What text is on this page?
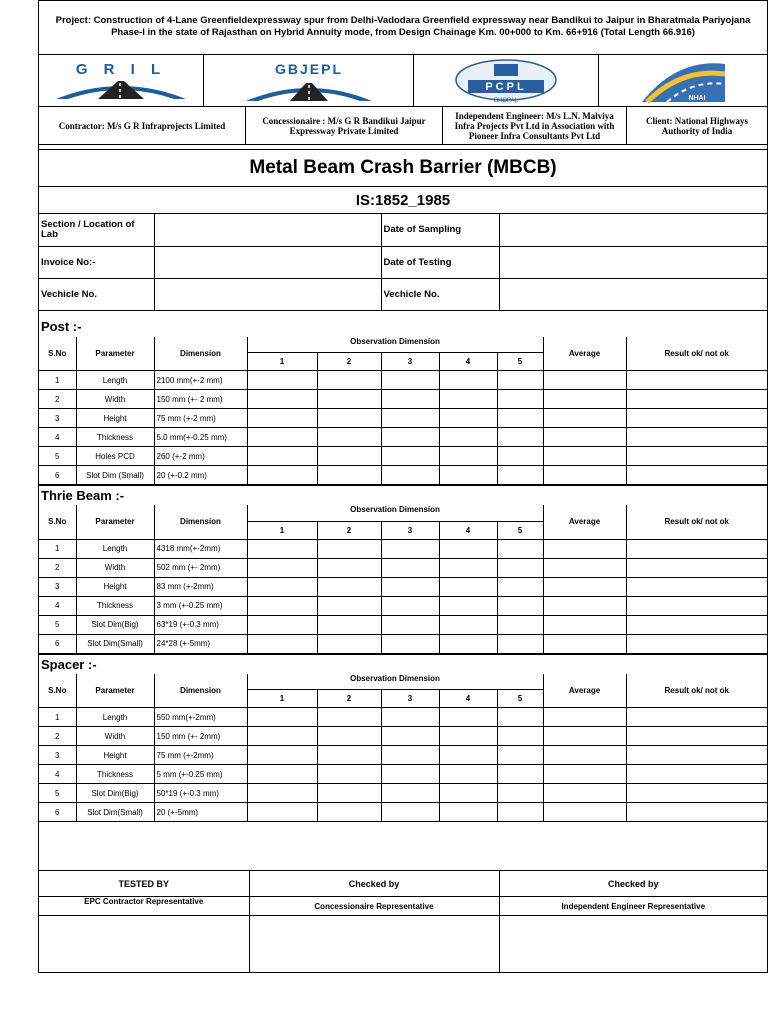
Project: Construction of 4-Lane Greenfieldexpressway spur from Delhi-Vadodara Greenfield expressway near Bandikui to Jaipur in Bharatmala Pariyojana Phase-I in the state of Rajasthan on Hybrid Annuity mode, from Design Chainage Km. 00+000 to Km. 66+916 (Total Length 66.916)
G R I L	GBJEPL
PCPL
BHOPAL	NHAI
Contractor: M/s G R Infraprojects Limited	Concessionaire : M/s G R Bandikui Jaipur Expressway Private Limited
Independent Engineer: M/s L.N. Malviya Infra Projects Pvt Ltd in Association with Pioneer Infra Consultants Pvt Ltd
Client: National Highways Authority of India
Metal Beam Crash Barrier (MBCB)
IS:1852_1985
Section / Location of Lab		Date of Sampling	
Invoice No:-		Date of Testing	
Vechicle No.		Vechicle No.	
Post :-
S.No	Parameter	Dimension	Observation Dimension					Average	Result ok/ not ok
			1	2	3	4	5		
1	Length	2100 mm(+-2 mm)							
2	Width	150 mm (+- 2 mm)							
3	Height	75 mm (+-2 mm)							
4	Thickness	5.0 mm(+-0.25 mm)							
5	Holes PCD	260 (+-2 mm)							
6	Slot Dim (Small)	20 (+-0.2 mm)							
Thrie Beam :-
S.No	Parameter	Dimension	Observation Dimension					Average	Result ok/ not ok
			1	2	3	4	5		
1	Length	4318 mm(+-2mm)							
2	Width	502 mm (+- 2mm)							
3	Height	83 mm (+-2mm)							
4	Thickness	3 mm (+-0.25 mm)							
5	Slot Dim(Big)	63*19 (+-0.3 mm)							
6	Slot Dim(Small)	24*28 (+-5mm)							
Spacer :-
S.No	Parameter	Dimension	Observation Dimension					Average	Result ok/ not ok
			1	2	3	4	5		
1	Length	550 mm(+-2mm)							
2	Width	150 mm (+- 2mm)							
3	Height	75 mm (+-2mm)							
4	Thickness	5 mm (+-0.25 mm)							
5	Slot Dim(Big)	50*19 (+-0.3 mm)							
6	Slot Dim(Small)	20 (+-5mm)							
TESTED BY	Checked by	Checked by
EPC Contractor Representative	Concessionaire Representative	Independent Engineer Representative
